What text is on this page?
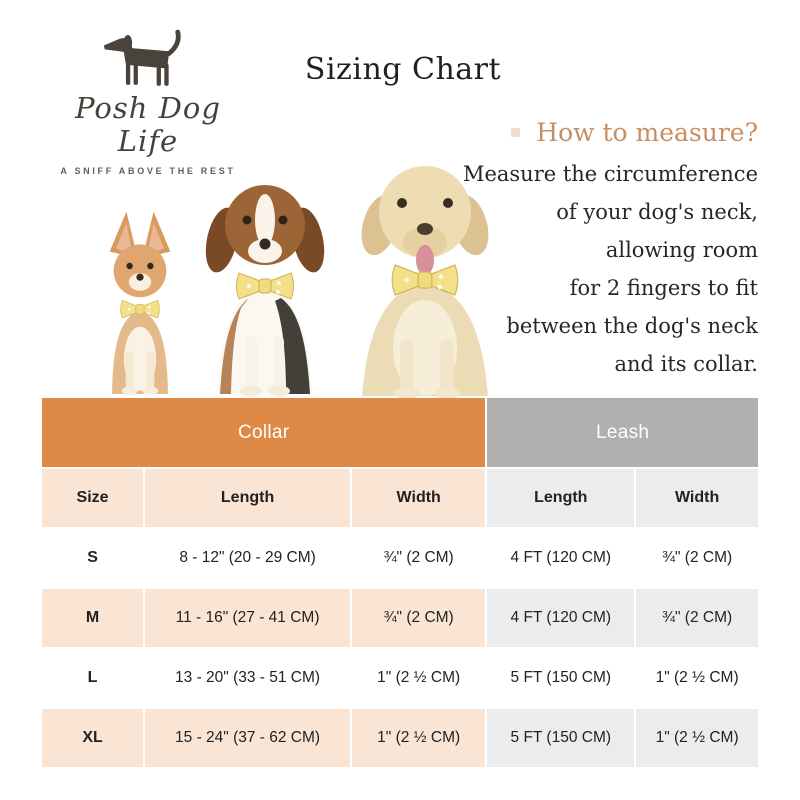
Posh Dog Life
A SNIFF ABOVE THE REST
Sizing Chart
How to measure?
Measure the circumference
of your dog's neck,
allowing room
for 2 fingers to fit
between the dog's neck
and its collar.
Collar	Leash
Size	Length	Width	Length	Width
S	8 - 12" (20 - 29 CM)	¾" (2 CM)	4 FT (120 CM)	¾" (2 CM)
M	11 - 16" (27 - 41 CM)	¾" (2 CM)	4 FT (120 CM)	¾" (2 CM)
L	13 - 20" (33 - 51 CM)	1" (2 ½ CM)	5 FT (150 CM)	1" (2 ½ CM)
XL	15 - 24" (37 - 62 CM)	1" (2 ½ CM)	5 FT (150 CM)	1" (2 ½ CM)
